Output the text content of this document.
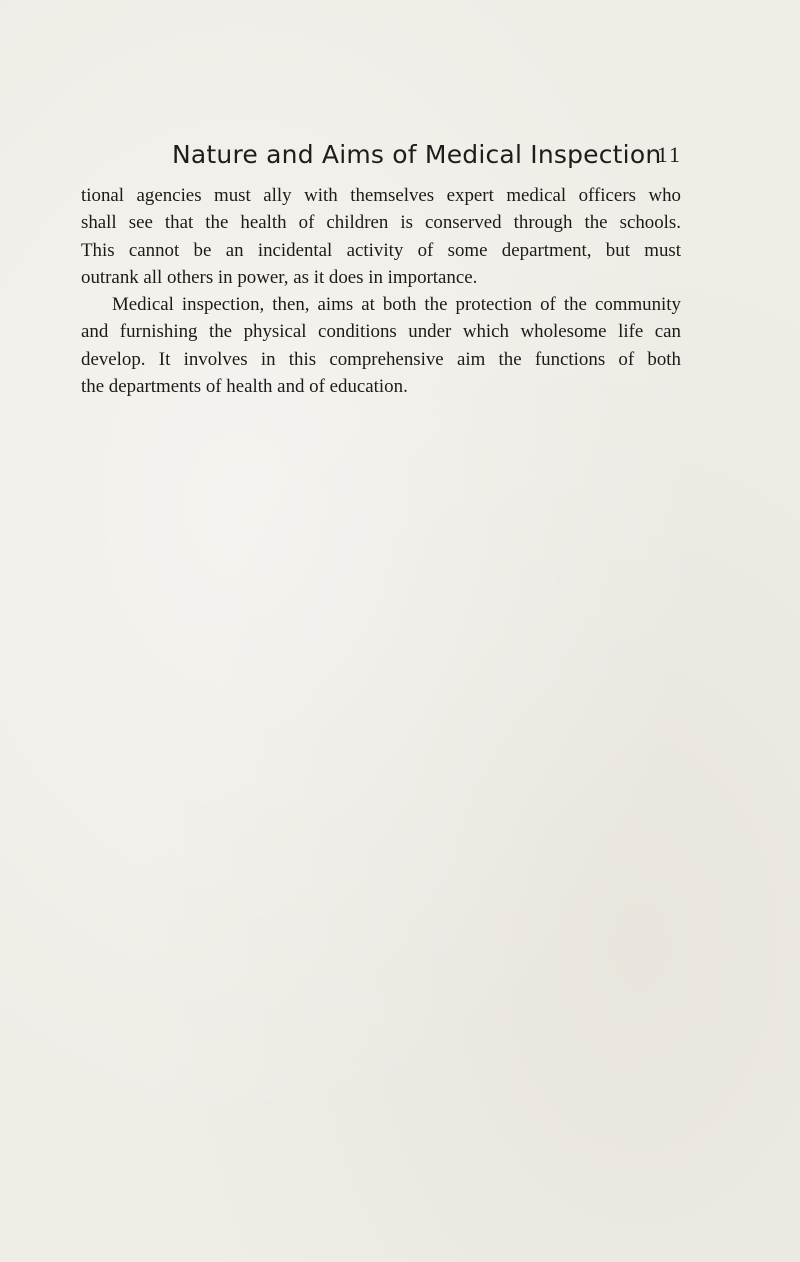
Nature and Aims of Medical Inspection
11

tional agencies must ally with themselves expert medical officers who
shall see that the health of children is conserved through the schools.
This cannot be an incidental activity of some department, but must
outrank all others in power, as it does in importance.

Medical inspection, then, aims at both the protection of the community
and furnishing the physical conditions under which wholesome life can
develop. It involves in this comprehensive aim the functions of both
the departments of health and of education.
